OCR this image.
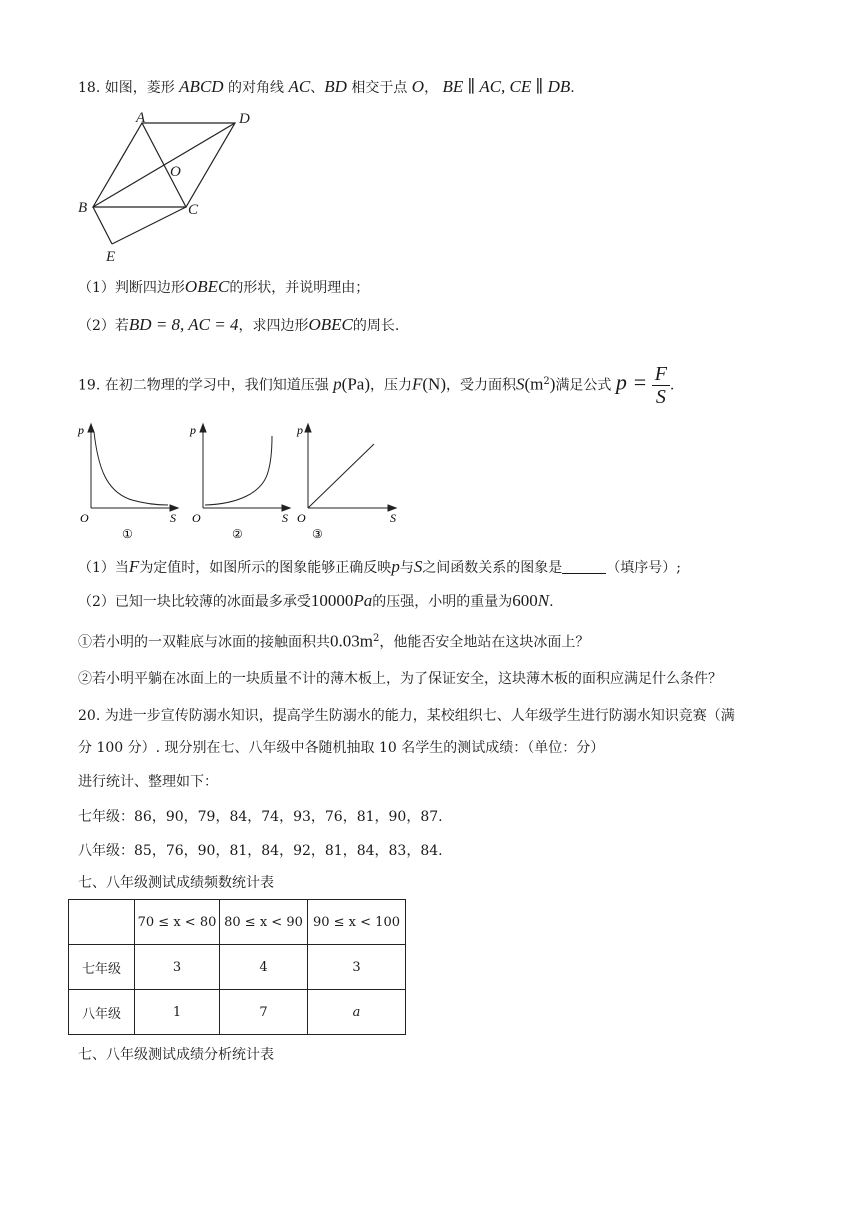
18. 如图，菱形 ABCD 的对角线 AC、BD 相交于点 O， BE ∥ AC, CE ∥ DB.
A	D
O
B	C
E
（1）判断四边形OBEC的形状，并说明理由；
（2）若BD = 8, AC = 4，求四边形OBEC的周长.
19. 在初二物理的学习中，我们知道压强 p(Pa)，压力F(N)，受力面积$S(m^2)$满足公式 $p = \frac{F}{S}$ .
p
O	S
①
p
O	S
②
p
O	S
③
（1）当F为定值时，如图所示的图象能够正确反映p与S之间函数关系的图象是	（填序号）;
（2）已知一块比较薄的冰面最多承受10000Pa的压强，小明的重量为600N.
①若小明的一双鞋底与冰面的接触面积共$0.03m^2$，他能否安全地站在这块冰面上？
②若小明平躺在冰面上的一块质量不计的薄木板上，为了保证安全，这块薄木板的面积应满足什么条件？
20. 为进一步宣传防溺水知识，提高学生防溺水的能力，某校组织七、人年级学生进行防溺水知识竞赛（满
分 100 分）. 现分别在七、八年级中各随机抽取 10 名学生的测试成绩：（单位：分）
进行统计、整理如下：
七年级：86，90，79，84，74，93，76，81，90，87.
八年级：85，76，90，81，84，92，81，84，83，84.
七、八年级测试成绩频数统计表
	70 ≤ x < 80	80 ≤ x < 90	90 ≤ x < 100
七年级	3	4	3
八年级	1	7	a
七、八年级测试成绩分析统计表
